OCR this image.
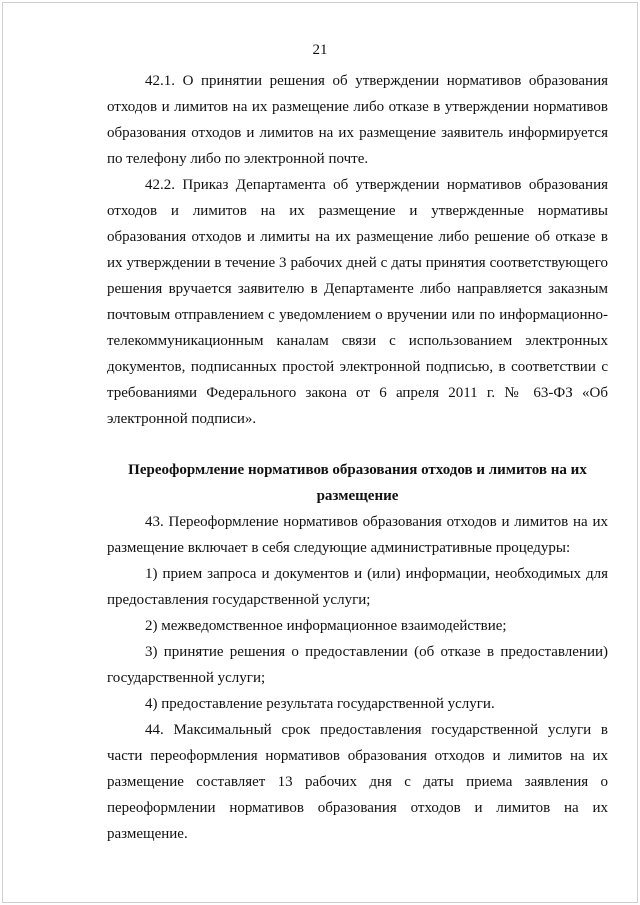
21

42.1. О принятии решения об утверждении нормативов образования отходов и лимитов на их размещение либо отказе в утверждении нормативов образования отходов и лимитов на их размещение заявитель информируется по телефону либо по электронной почте.

42.2. Приказ Департамента об утверждении нормативов образования отходов и лимитов на их размещение и утвержденные нормативы образования отходов и лимиты на их размещение либо решение об отказе в их утверждении в течение 3 рабочих дней с даты принятия соответствующего решения вручается заявителю в Департаменте либо направляется заказным почтовым отправлением с уведомлением о вручении или по информационно-телекоммуникационным каналам связи с использованием электронных документов, подписанных простой электронной подписью, в соответствии с требованиями Федерального закона от 6 апреля 2011 г. № 63-ФЗ «Об электронной подписи».

Переоформление нормативов образования отходов и лимитов на их размещение

43. Переоформление нормативов образования отходов и лимитов на их размещение включает в себя следующие административные процедуры:

1) прием запроса и документов и (или) информации, необходимых для предоставления государственной услуги;

2) межведомственное информационное взаимодействие;

3) принятие решения о предоставлении (об отказе в предоставлении) государственной услуги;

4) предоставление результата государственной услуги.

44. Максимальный срок предоставления государственной услуги в части переоформления нормативов образования отходов и лимитов на их размещение составляет 13 рабочих дня с даты приема заявления о переоформлении нормативов образования отходов и лимитов на их размещение.
